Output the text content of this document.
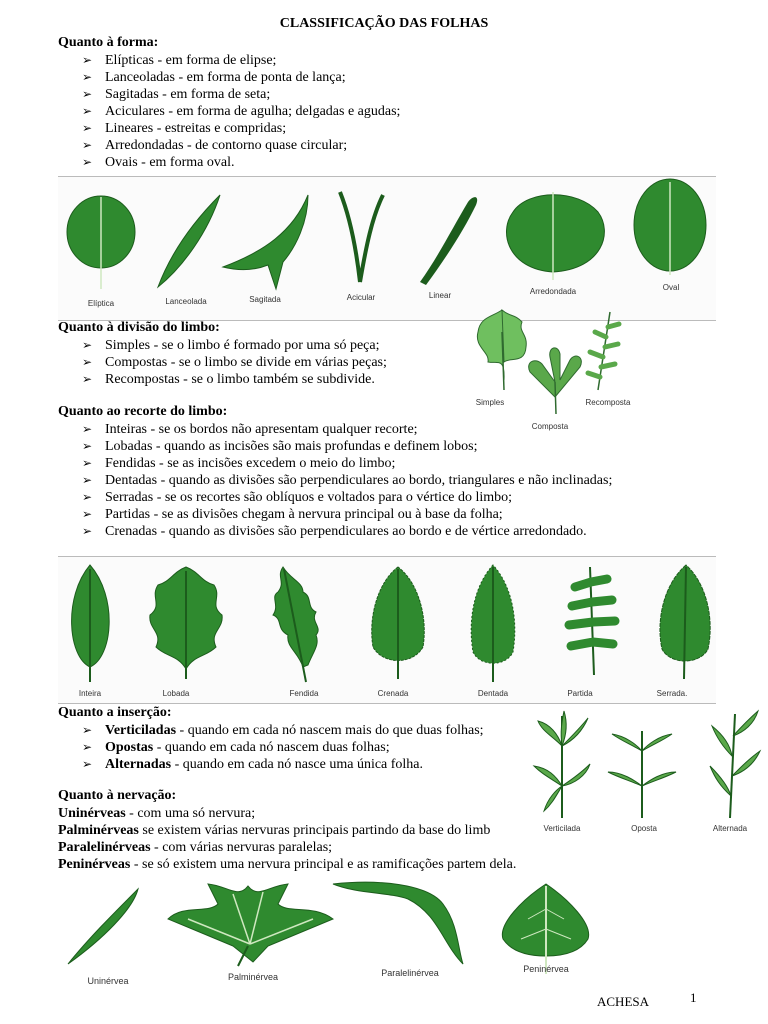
CLASSIFICAÇÃO DAS FOLHAS
Quanto à forma:
➢ Elípticas - em forma de elipse;
➢ Lanceoladas - em forma de ponta de lança;
➢ Sagitadas - em forma de seta;
➢ Aciculares - em forma de agulha; delgadas e agudas;
➢ Lineares - estreitas e compridas;
➢ Arredondadas - de contorno quase circular;
➢ Ovais - em forma oval.
Elíptica	Lanceolada	Sagitada	Acicular	Linear	Arredondada	Oval
Quanto à divisão do limbo:
➢ Simples - se o limbo é formado por uma só peça;
➢ Compostas - se o limbo se divide em várias peças;
➢ Recompostas - se o limbo também se subdivide.
Simples
Composta
Recomposta
Quanto ao recorte do limbo:
➢ Inteiras - se os bordos não apresentam qualquer recorte;
➢ Lobadas - quando as incisões são mais profundas e definem lobos;
➢ Fendidas - se as incisões excedem o meio do limbo;
➢ Dentadas - quando as divisões são perpendiculares ao bordo, triangulares e não inclinadas;
➢ Serradas - se os recortes são oblíquos e voltados para o vértice do limbo;
➢ Partidas - se as divisões chegam à nervura principal ou à base da folha;
➢ Crenadas - quando as divisões são perpendiculares ao bordo e de vértice arredondado.
Inteira	Lobada	Fendida	Crenada	Dentada	Partida	Serrada.
Quanto a inserção:
➢ Verticiladas - quando em cada nó nascem mais do que duas folhas;
➢ Opostas - quando em cada nó nascem duas folhas;
➢ Alternadas - quando em cada nó nasce uma única folha.
Verticilada	Oposta	Alternada
Quanto à nervação:

Uninérveas - com uma só nervura;

Palminérveas se existem várias nervuras principais partindo da base do limb

Paralelinérveas - com várias nervuras paralelas;

Peninérveas - se só existem uma nervura principal e as ramificações partem dela.

Uninérvea	Palminérvea	Paralelinérvea	Peninérvea
ACHESA	1
